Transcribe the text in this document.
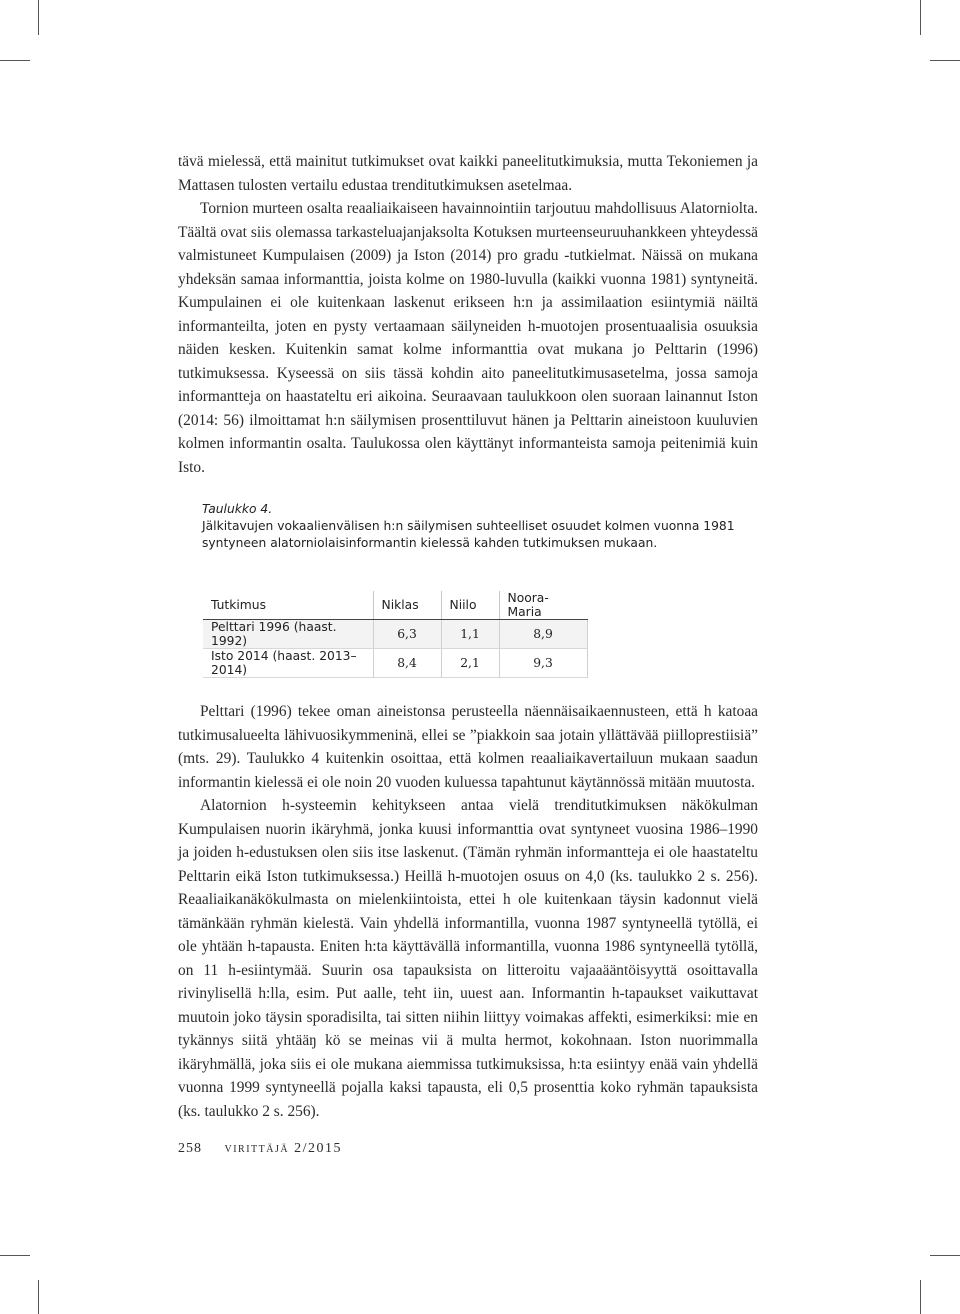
tävä mielessä, että mainitut tutkimukset ovat kaikki paneelitutkimuksia, mutta Tekoniemen ja Mattasen tulosten vertailu edustaa trenditutkimuksen asetelmaa.

Tornion murteen osalta reaaliaikaiseen havainnointiin tarjoutuu mahdollisuus Alatorniolta. Täältä ovat siis olemassa tarkasteluajanjaksolta Kotuksen murteenseuruuhankkeen yhteydessä valmistuneet Kumpulaisen (2009) ja Iston (2014) pro gradu -tutkielmat. Näissä on mukana yhdeksän samaa informanttia, joista kolme on 1980-luvulla (kaikki vuonna 1981) syntyneitä. Kumpulainen ei ole kuitenkaan laskenut erikseen h:n ja assimilaation esiintymiä näiltä informanteilta, joten en pysty vertaamaan säilyneiden h-muotojen prosentuaalisia osuuksia näiden kesken. Kuitenkin samat kolme informanttia ovat mukana jo Pelttarin (1996) tutkimuksessa. Kyseessä on siis tässä kohdin aito paneelitutkimusasetelma, jossa samoja informantteja on haastateltu eri aikoina. Seuraavaan taulukkoon olen suoraan lainannut Iston (2014: 56) ilmoittamat h:n säilymisen prosenttiluvut hänen ja Pelttarin aineistoon kuuluvien kolmen informantin osalta. Taulukossa olen käyttänyt informanteista samoja peitenimiä kuin Isto.

Taulukko 4.
Jälkitavujen vokaalienvälisen h:n säilymisen suhteelliset osuudet kolmen vuonna 1981
syntyneen alatorniolaisinformantin kielessä kahden tutkimuksen mukaan.
Tutkimus	Niklas	Niilo	Noora-Maria
Pelttari 1996 (haast. 1992)	6,3	1,1	8,9
Isto 2014 (haast. 2013–2014)	8,4	2,1	9,3

Pelttari (1996) tekee oman aineistonsa perusteella näennäisaikaennusteen, että h katoaa tutkimusalueelta lähivuosikymmeninä, ellei se ”piakkoin saa jotain yllättävää piilloprestiisiä” (mts. 29). Taulukko 4 kuitenkin osoittaa, että kolmen reaaliaikavertailuun mukaan saadun informantin kielessä ei ole noin 20 vuoden kuluessa tapahtunut käytännössä mitään muutosta.

Alatornion h-systeemin kehitykseen antaa vielä trenditutkimuksen näkökulman Kumpulaisen nuorin ikäryhmä, jonka kuusi informanttia ovat syntyneet vuosina 1986–1990 ja joiden h-edustuksen olen siis itse laskenut. (Tämän ryhmän informantteja ei ole haastateltu Pelttarin eikä Iston tutkimuksessa.) Heillä h-muotojen osuus on 4,0 (ks. taulukko 2 s. 256). Reaaliaikanäkökulmasta on mielenkiintoista, ettei h ole kuitenkaan täysin kadonnut vielä tämänkään ryhmän kielestä. Vain yhdellä informantilla, vuonna 1987 syntyneellä tytöllä, ei ole yhtään h-tapausta. Eniten h:ta käyttävällä informantilla, vuonna 1986 syntyneellä tytöllä, on 11 h-esiintymää. Suurin osa tapauksista on litteroitu vajaaääntöisyyttä osoittavalla rivinylisellä h:lla, esim. Put aalle, teht iin, uuest aan. Informantin h-tapaukset vaikuttavat muutoin joko täysin sporadisilta, tai sitten niihin liittyy voimakas affekti, esimerkiksi: mie en tykännys siitä yhtääŋ kö se meinas vii ä multa hermot, kokohnaan. Iston nuorimmalla ikäryhmällä, joka siis ei ole mukana aiemmissa tutkimuksissa, h:ta esiintyy enää vain yhdellä vuonna 1999 syntyneellä pojalla kaksi tapausta, eli 0,5 prosenttia koko ryhmän tapauksista (ks. taulukko 2 s. 256).

258 virittäjä 2/2015
